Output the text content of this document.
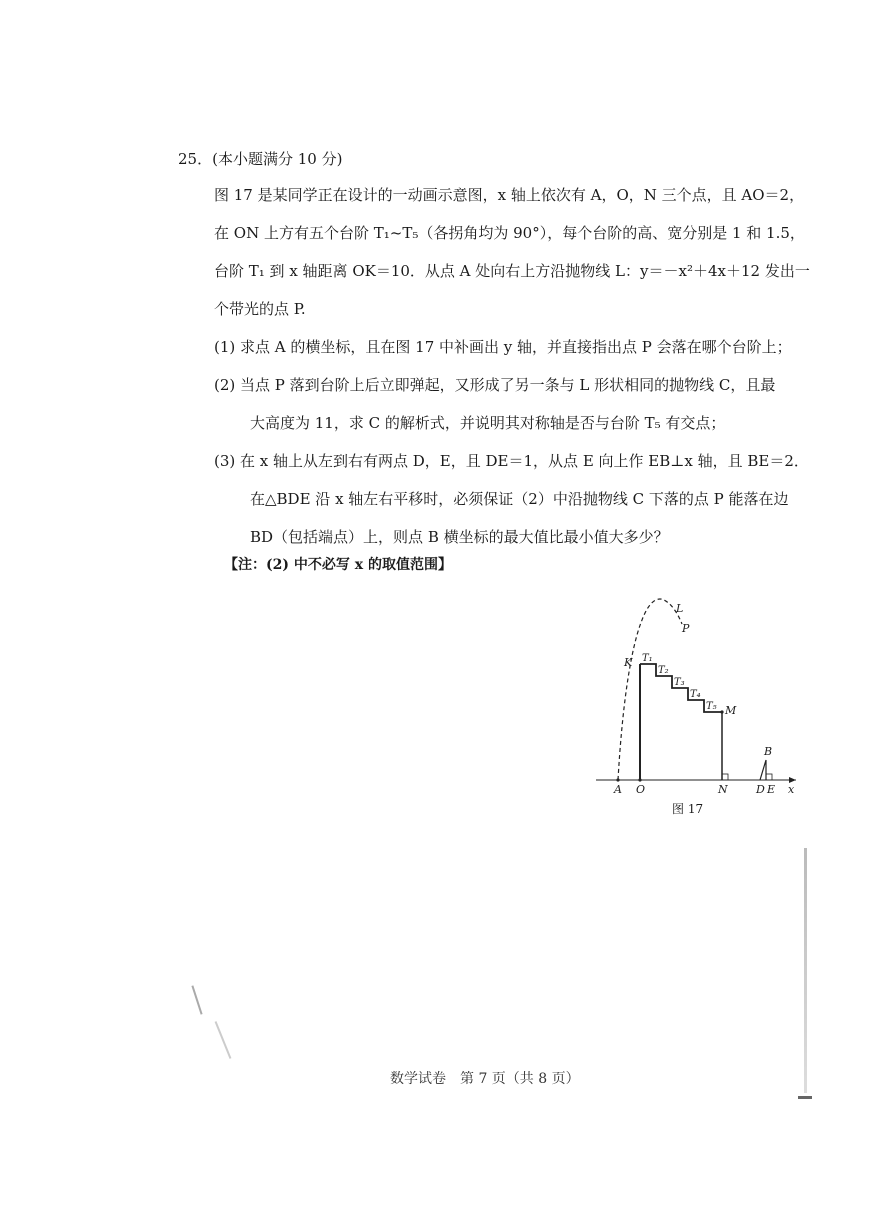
25．(本小题满分 10 分)
图 17 是某同学正在设计的一动画示意图，x 轴上依次有 A，O，N 三个点，且 AO＝2，
在 ON 上方有五个台阶 T₁~T₅（各拐角均为 90°），每个台阶的高、宽分别是 1 和 1.5，
台阶 T₁ 到 x 轴距离 OK＝10．从点 A 处向右上方沿抛物线 L：y＝－x²＋4x＋12 发出一
个带光的点 P.
(1) 求点 A 的横坐标，且在图 17 中补画出 y 轴，并直接指出点 P 会落在哪个台阶上；
(2) 当点 P 落到台阶上后立即弹起，又形成了另一条与 L 形状相同的抛物线 C，且最
大高度为 11，求 C 的解析式，并说明其对称轴是否与台阶 T₅ 有交点；
(3) 在 x 轴上从左到右有两点 D，E，且 DE＝1，从点 E 向上作 EB⊥x 轴，且 BE＝2．
在△BDE 沿 x 轴左右平移时，必须保证（2）中沿抛物线 C 下落的点 P 能落在边
BD（包括端点）上，则点 B 横坐标的最大值比最小值大多少？
【注：(2) 中不必写 x 的取值范围】
L
P
K T₁
T₂
T₃
T₄
T₅ M
B
A O	N	D E x
图 17
数学试卷　第 7 页（共 8 页）
